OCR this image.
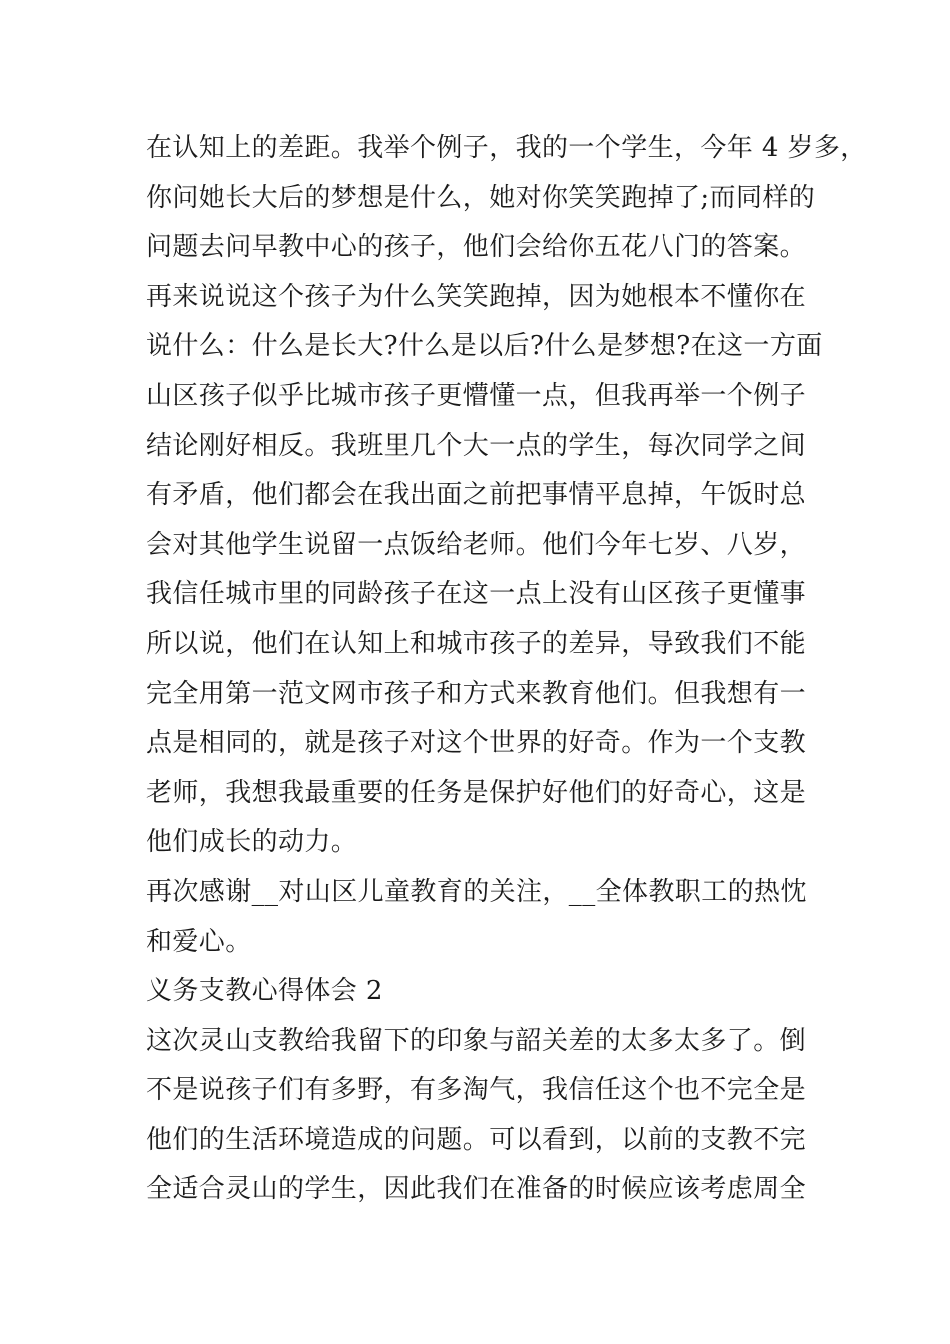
在认知上的差距。我举个例子，我的一个学生，今年 4 岁多，
你问她长大后的梦想是什么，她对你笑笑跑掉了;而同样的
问题去问早教中心的孩子，他们会给你五花八门的答案。
再来说说这个孩子为什么笑笑跑掉，因为她根本不懂你在
说什么：什么是长大?什么是以后?什么是梦想?在这一方面
山区孩子似乎比城市孩子更懵懂一点，但我再举一个例子
结论刚好相反。我班里几个大一点的学生，每次同学之间
有矛盾，他们都会在我出面之前把事情平息掉，午饭时总
会对其他学生说留一点饭给老师。他们今年七岁、八岁，
我信任城市里的同龄孩子在这一点上没有山区孩子更懂事
所以说，他们在认知上和城市孩子的差异，导致我们不能
完全用第一范文网市孩子和方式来教育他们。但我想有一
点是相同的，就是孩子对这个世界的好奇。作为一个支教
老师，我想我最重要的任务是保护好他们的好奇心，这是
他们成长的动力。
再次感谢__对山区儿童教育的关注，__全体教职工的热忱
和爱心。
义务支教心得体会 2
这次灵山支教给我留下的印象与韶关差的太多太多了。倒
不是说孩子们有多野，有多淘气，我信任这个也不完全是
他们的生活环境造成的问题。可以看到，以前的支教不完
全适合灵山的学生，因此我们在准备的时候应该考虑周全
